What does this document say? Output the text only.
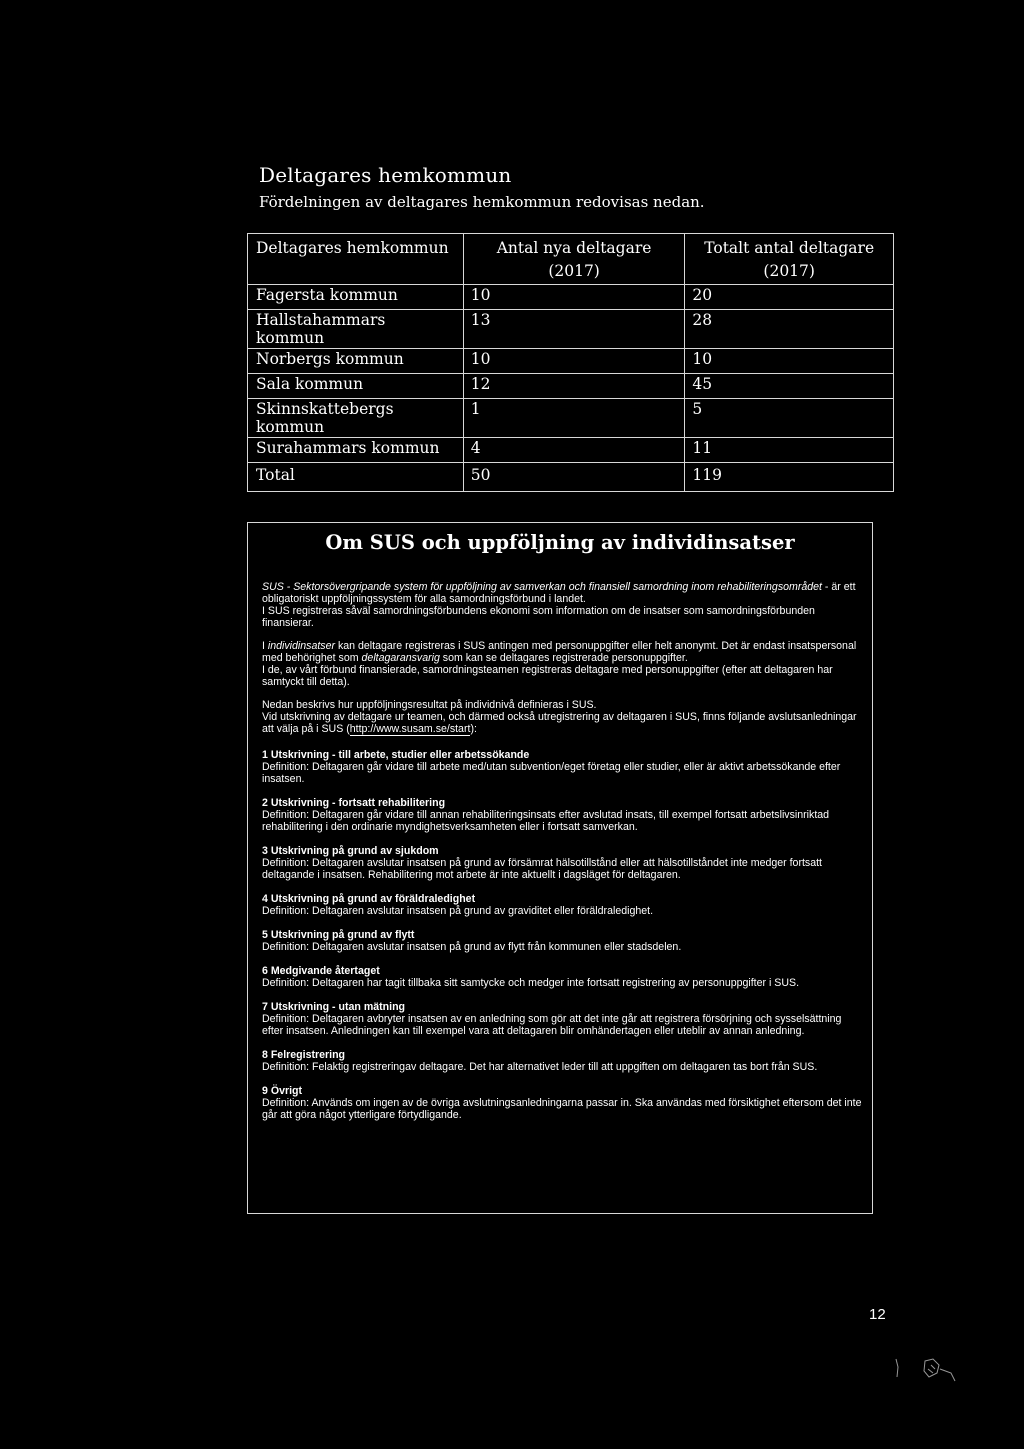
Deltagares hemkommun

Fördelningen av deltagares hemkommun redovisas nedan.

Deltagares hemkommun	Antal nya deltagare (2017)	Totalt antal deltagare (2017)
Fagersta kommun	10	20
Hallstahammars kommun	13	28
Norbergs kommun	10	10
Sala kommun	12	45
Skinnskattebergs kommun	1	5
Surahammars kommun	4	11
Total	50	119
Om SUS och uppföljning av individinsatser

SUS - Sektorsövergripande system för uppföljning av samverkan och finansiell samordning inom rehabiliteringsområdet - är ett obligatoriskt uppföljningssystem för alla samordningsförbund i landet.
I SUS registreras såväl samordningsförbundens ekonomi som information om de insatser som samordningsförbunden finansierar.

I individinsatser kan deltagare registreras i SUS antingen med personuppgifter eller helt anonymt. Det är endast insatspersonal med behörighet som deltagaransvarig som kan se deltagares registrerade personuppgifter.
I de, av vårt förbund finansierade, samordningsteamen registreras deltagare med personuppgifter (efter att deltagaren har samtyckt till detta).

Nedan beskrivs hur uppföljningsresultat på individnivå definieras i SUS.
Vid utskrivning av deltagare ur teamen, och därmed också utregistrering av deltagaren i SUS, finns följande avslutsanledningar att välja på i SUS (http://www.susam.se/start):

1 Utskrivning - till arbete, studier eller arbetssökande
Definition: Deltagaren går vidare till arbete med/utan subvention/eget företag eller studier, eller är aktivt arbetssökande efter insatsen.
2 Utskrivning - fortsatt rehabilitering
Definition: Deltagaren går vidare till annan rehabiliteringsinsats efter avslutad insats, till exempel fortsatt arbetslivsinriktad rehabilitering i den ordinarie myndighetsverksamheten eller i fortsatt samverkan.
3 Utskrivning på grund av sjukdom
Definition: Deltagaren avslutar insatsen på grund av försämrat hälsotillstånd eller att hälsotillståndet inte medger fortsatt deltagande i insatsen. Rehabilitering mot arbete är inte aktuellt i dagsläget för deltagaren.
4 Utskrivning på grund av föräldraledighet
Definition: Deltagaren avslutar insatsen på grund av graviditet eller föräldraledighet.
5 Utskrivning på grund av flytt
Definition: Deltagaren avslutar insatsen på grund av flytt från kommunen eller stadsdelen.
6 Medgivande återtaget
Definition: Deltagaren har tagit tillbaka sitt samtycke och medger inte fortsatt registrering av personuppgifter i SUS.
7 Utskrivning - utan mätning
Definition: Deltagaren avbryter insatsen av en anledning som gör att det inte går att registrera försörjning och sysselsättning efter insatsen. Anledningen kan till exempel vara att deltagaren blir omhändertagen eller uteblir av annan anledning.
8 Felregistrering
Definition: Felaktig registreringav deltagare. Det har alternativet leder till att uppgiften om deltagaren tas bort från SUS.
9 Övrigt
Definition: Används om ingen av de övriga avslutningsanledningarna passar in. Ska användas med försiktighet eftersom det inte går att göra något ytterligare förtydligande.
12
